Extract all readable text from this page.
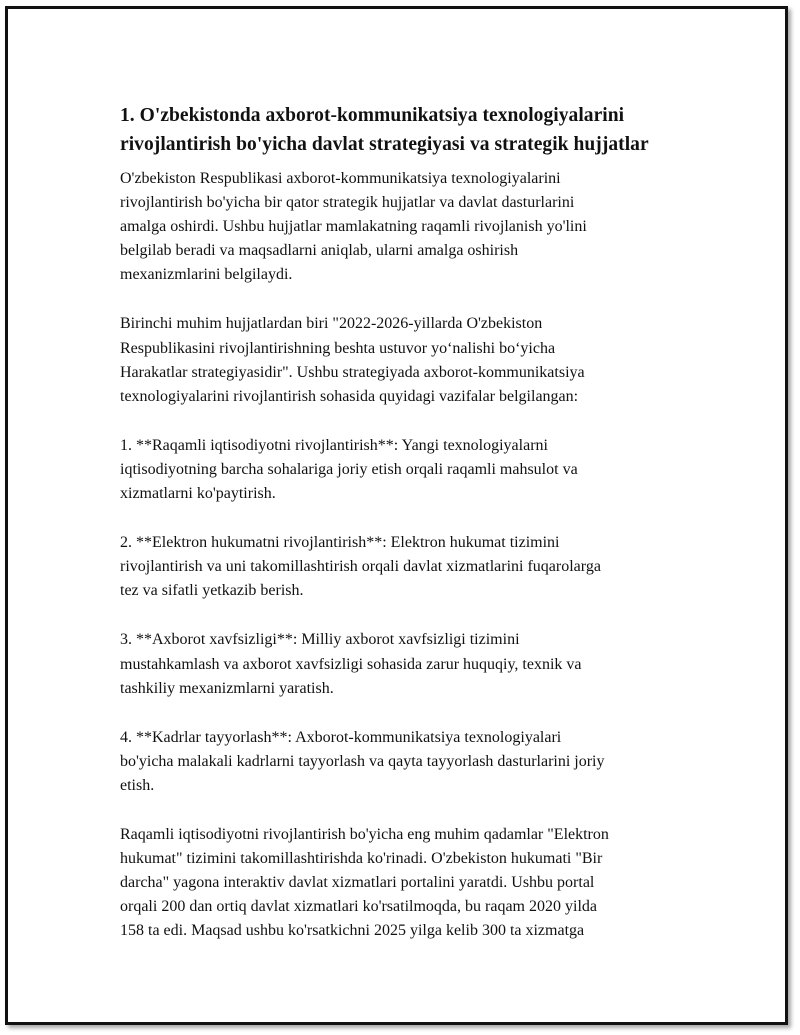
1. O'zbekistonda axborot-kommunikatsiya texnologiyalarini rivojlantirish bo'yicha davlat strategiyasi va strategik hujjatlar

O'zbekiston Respublikasi axborot-kommunikatsiya texnologiyalarini
rivojlantirish bo'yicha bir qator strategik hujjatlar va davlat dasturlarini
amalga oshirdi. Ushbu hujjatlar mamlakatning raqamli rivojlanish yo'lini
belgilab beradi va maqsadlarni aniqlab, ularni amalga oshirish
mexanizmlarini belgilaydi.

Birinchi muhim hujjatlardan biri "2022-2026-yillarda O'zbekiston
Respublikasini rivojlantirishning beshta ustuvor yoʻnalishi boʻyicha
Harakatlar strategiyasidir". Ushbu strategiyada axborot-kommunikatsiya
texnologiyalarini rivojlantirish sohasida quyidagi vazifalar belgilangan:

1. **Raqamli iqtisodiyotni rivojlantirish**: Yangi texnologiyalarni
iqtisodiyotning barcha sohalariga joriy etish orqali raqamli mahsulot va
xizmatlarni ko'paytirish.

2. **Elektron hukumatni rivojlantirish**: Elektron hukumat tizimini
rivojlantirish va uni takomillashtirish orqali davlat xizmatlarini fuqarolarga
tez va sifatli yetkazib berish.

3. **Axborot xavfsizligi**: Milliy axborot xavfsizligi tizimini
mustahkamlash va axborot xavfsizligi sohasida zarur huquqiy, texnik va
tashkiliy mexanizmlarni yaratish.

4. **Kadrlar tayyorlash**: Axborot-kommunikatsiya texnologiyalari
bo'yicha malakali kadrlarni tayyorlash va qayta tayyorlash dasturlarini joriy
etish.

Raqamli iqtisodiyotni rivojlantirish bo'yicha eng muhim qadamlar "Elektron
hukumat" tizimini takomillashtirishda ko'rinadi. O'zbekiston hukumati "Bir
darcha" yagona interaktiv davlat xizmatlari portalini yaratdi. Ushbu portal
orqali 200 dan ortiq davlat xizmatlari ko'rsatilmoqda, bu raqam 2020 yilda
158 ta edi. Maqsad ushbu ko'rsatkichni 2025 yilga kelib 300 ta xizmatga
